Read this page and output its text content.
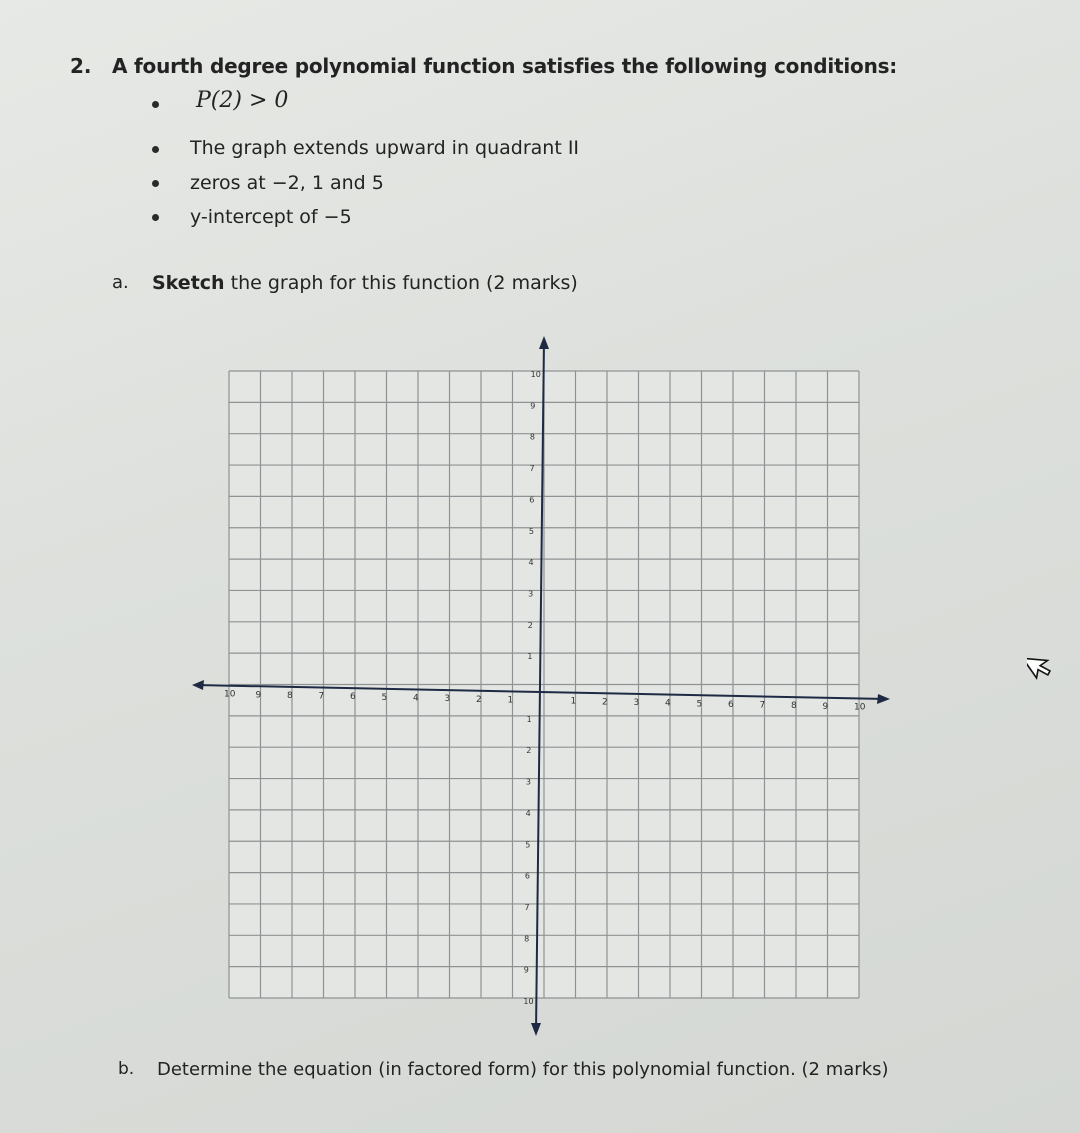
2. A fourth degree polynomial function satisfies the following conditions:
P(2) > 0
The graph extends upward in quadrant II
zeros at −2, 1 and 5
y-intercept of −5
a. Sketch the graph for this function (2 marks)
10 9	8	7	6	5	4	3	2	1	1	2	3	4	5	6	7	8	9	10
10
9
8
7
6
5
4
3
2
1
1
2
3
4
5
6
7
8
9
10
b. Determine the equation (in factored form) for this polynomial function. (2 marks)
